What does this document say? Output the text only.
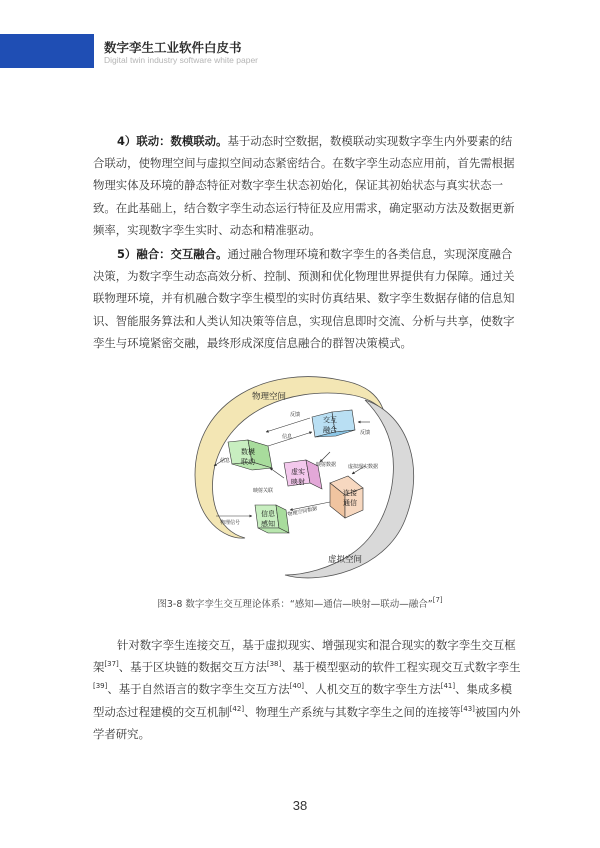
数字孪生工业软件白皮书
Digital twin industry software white paper

4）联动：数模联动。基于动态时空数据，数模联动实现数字孪生内外要素的结合联动，使物理空间与虚拟空间动态紧密结合。在数字孪生动态应用前，首先需根据物理实体及环境的静态特征对数字孪生状态初始化，保证其初始状态与真实状态一致。在此基础上，结合数字孪生动态运行特征及应用需求，确定驱动方法及数据更新频率，实现数字孪生实时、动态和精准驱动。

5）融合：交互融合。通过融合物理环境和数字孪生的各类信息，实现深度融合决策，为数字孪生动态高效分析、控制、预测和优化物理世界提供有力保障。通过关联物理环境，并有机融合数字孪生模型的实时仿真结果、数字孪生数据存储的信息知识、智能服务算法和人类认知决策等信息，实现信息即时交流、分析与共享，使数字孪生与环境紧密交融，最终形成深度信息融合的群智决策模式。

物理空间
虚拟空间
交互
融合
数模
联动
虚实
映射
连接
通信
信息
感知
反馈
反馈
信息
信息
映射关联
映射数据 虚拟现实数据
物理信号
物理空间数据
图3-8 数字孪生交互理论体系：“感知—通信—映射—联动—融合”[7]

针对数字孪生连接交互，基于虚拟现实、增强现实和混合现实的数字孪生交互框架[37]、基于区块链的数据交互方法[38]、基于模型驱动的软件工程实现交互式数字孪生[39]、基于自然语言的数字孪生交互方法[40]、人机交互的数字孪生方法[41]、集成多模型动态过程建模的交互机制[42]、物理生产系统与其数字孪生之间的连接等[43]被国内外学者研究。

38
